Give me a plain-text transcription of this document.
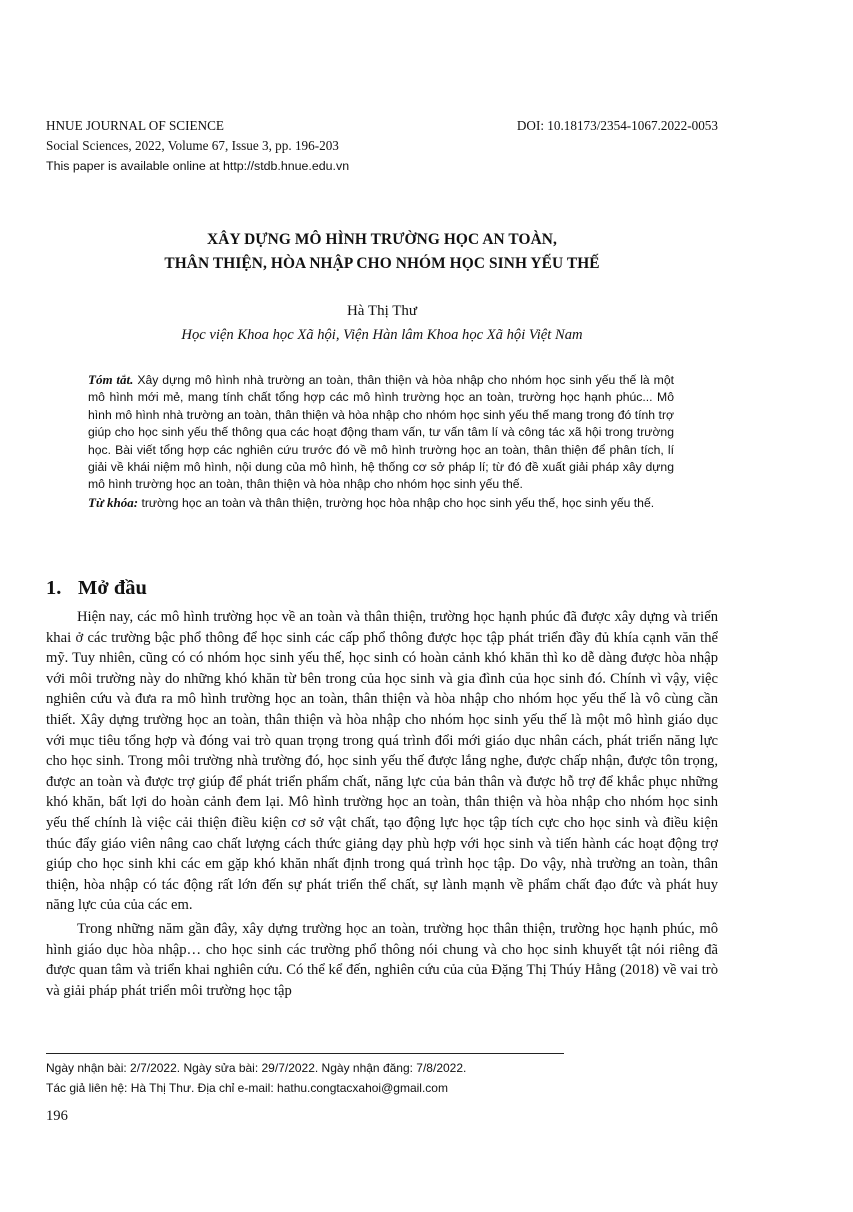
HNUE JOURNAL OF SCIENCE	DOI: 10.18173/2354-1067.2022-0053
Social Sciences, 2022, Volume 67, Issue 3, pp. 196-203
This paper is available online at http://stdb.hnue.edu.vn
XÂY DỰNG MÔ HÌNH TRƯỜNG HỌC AN TOÀN,
THÂN THIỆN, HÒA NHẬP CHO NHÓM HỌC SINH YẾU THẾ
Hà Thị Thư
Học viện Khoa học Xã hội, Viện Hàn lâm Khoa học Xã hội Việt Nam

Tóm tắt. Xây dựng mô hình nhà trường an toàn, thân thiện và hòa nhập cho nhóm học sinh yếu thế là một mô hình mới mẻ, mang tính chất tổng hợp các mô hình trường học an toàn, trường học hạnh phúc... Mô hình mô hình nhà trường an toàn, thân thiện và hòa nhập cho nhóm học sinh yếu thế mang trong đó tính trợ giúp cho học sinh yếu thế thông qua các hoạt động tham vấn, tư vấn tâm lí và công tác xã hội trong trường học. Bài viết tổng hợp các nghiên cứu trước đó về mô hình trường học an toàn, thân thiện để phân tích, lí giải về khái niệm mô hình, nội dung của mô hình, hệ thống cơ sở pháp lí; từ đó đề xuất giải pháp xây dựng mô hình trường học an toàn, thân thiện và hòa nhập cho nhóm học sinh yếu thế.

Từ khóa: trường học an toàn và thân thiện, trường học hòa nhập cho học sinh yếu thế, học sinh yếu thế.

1. Mở đầu

Hiện nay, các mô hình trường học về an toàn và thân thiện, trường học hạnh phúc đã được xây dựng và triển khai ở các trường bậc phổ thông để học sinh các cấp phổ thông được học tập phát triển đầy đủ khía cạnh văn thể mỹ. Tuy nhiên, cũng có có nhóm học sinh yếu thế, học sinh có hoàn cảnh khó khăn thì ko dễ dàng được hòa nhập với môi trường này do những khó khăn từ bên trong của học sinh và gia đình của học sinh đó. Chính vì vậy, việc nghiên cứu và đưa ra mô hình trường học an toàn, thân thiện và hòa nhập cho nhóm học yếu thế là vô cùng cần thiết. Xây dựng trường học an toàn, thân thiện và hòa nhập cho nhóm học sinh yếu thế là một mô hình giáo dục với mục tiêu tổng hợp và đóng vai trò quan trọng trong quá trình đổi mới giáo dục nhân cách, phát triển năng lực cho học sinh. Trong môi trường nhà trường đó, học sinh yếu thế được lắng nghe, được chấp nhận, được tôn trọng, được an toàn và được trợ giúp để phát triển phẩm chất, năng lực của bản thân và được hỗ trợ để khắc phục những khó khăn, bất lợi do hoàn cảnh đem lại. Mô hình trường học an toàn, thân thiện và hòa nhập cho nhóm học sinh yếu thế chính là việc cải thiện điều kiện cơ sở vật chất, tạo động lực học tập tích cực cho học sinh và điều kiện thúc đẩy giáo viên nâng cao chất lượng cách thức giảng dạy phù hợp với học sinh và tiến hành các hoạt động trợ giúp cho học sinh khi các em gặp khó khăn nhất định trong quá trình học tập. Do vậy, nhà trường an toàn, thân thiện, hòa nhập có tác động rất lớn đến sự phát triển thể chất, sự lành mạnh về phẩm chất đạo đức và phát huy năng lực của của các em.

Trong những năm gần đây, xây dựng trường học an toàn, trường học thân thiện, trường học hạnh phúc, mô hình giáo dục hòa nhập… cho học sinh các trường phổ thông nói chung và cho học sinh khuyết tật nói riêng đã được quan tâm và triển khai nghiên cứu. Có thể kể đến, nghiên cứu của của Đặng Thị Thúy Hằng (2018) về vai trò và giải pháp phát triển môi trường học tập

Ngày nhận bài: 2/7/2022. Ngày sửa bài: 29/7/2022. Ngày nhận đăng: 7/8/2022.
Tác giả liên hệ: Hà Thị Thư. Địa chỉ e-mail: hathu.congtacxahoi@gmail.com
196
